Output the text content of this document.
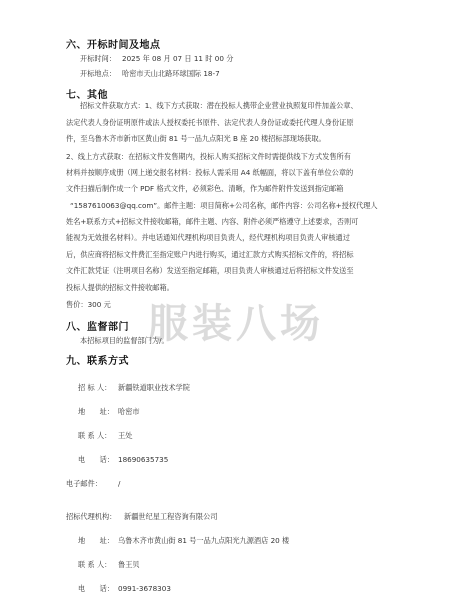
六、开标时间及地点
开标时间： 2025 年 08 月 07 日 11 时 00 分
开标地点： 哈密市天山北路环球国际 18-7
七、其他
招标文件获取方式：1、线下方式获取：潜在投标人携带企业营业执照复印件加盖公章、
法定代表人身份证明原件或法人授权委托书原件、法定代表人身份证或委托代理人身份证原
件，至乌鲁木齐市新市区黄山街 81 号一品九点阳光 B 座 20 楼招标部现场获取。
2、线上方式获取：在招标文件发售期内，投标人购买招标文件时需提供线下方式发售所有
材料并按顺序成册（网上递交报名材料：投标人需采用 A4 纸幅面，将以下盖有单位公章的
文件扫描后制作成一个 PDF 格式文件，必须彩色、清晰，作为邮件附件发送到指定邮箱
“1587610063@qq.com”。邮件主题：项目简称+公司名称，邮件内容：公司名称+授权代理人
姓名+联系方式+招标文件接收邮箱，邮件主题、内容、附件必须严格遵守上述要求，否则可
能视为无效报名材料）。并电话通知代理机构项目负责人，经代理机构项目负责人审核通过
后，供应商将招标文件费汇至指定账户内进行购买，通过汇款方式购买招标文件的，将招标
文件汇款凭证（注明项目名称）发送至指定邮箱，项目负责人审核通过后将招标文件发送至
投标人提供的招标文件接收邮箱。
售价：300 元 服装八场
八、监督部门
本招标项目的监督部门为/。
九、联系方式
招 标 人： 新疆铁道职业技术学院
地　　址： 哈密市
联 系 人： 王处
电　　话： 18690635735
电子邮件： /
招标代理机构： 新疆世纪星工程咨询有限公司
地　　址： 乌鲁木齐市黄山街 81 号一品九点阳光九源酒店 20 楼
联 系 人： 鲁王贝
电　　话： 0991-3678303
